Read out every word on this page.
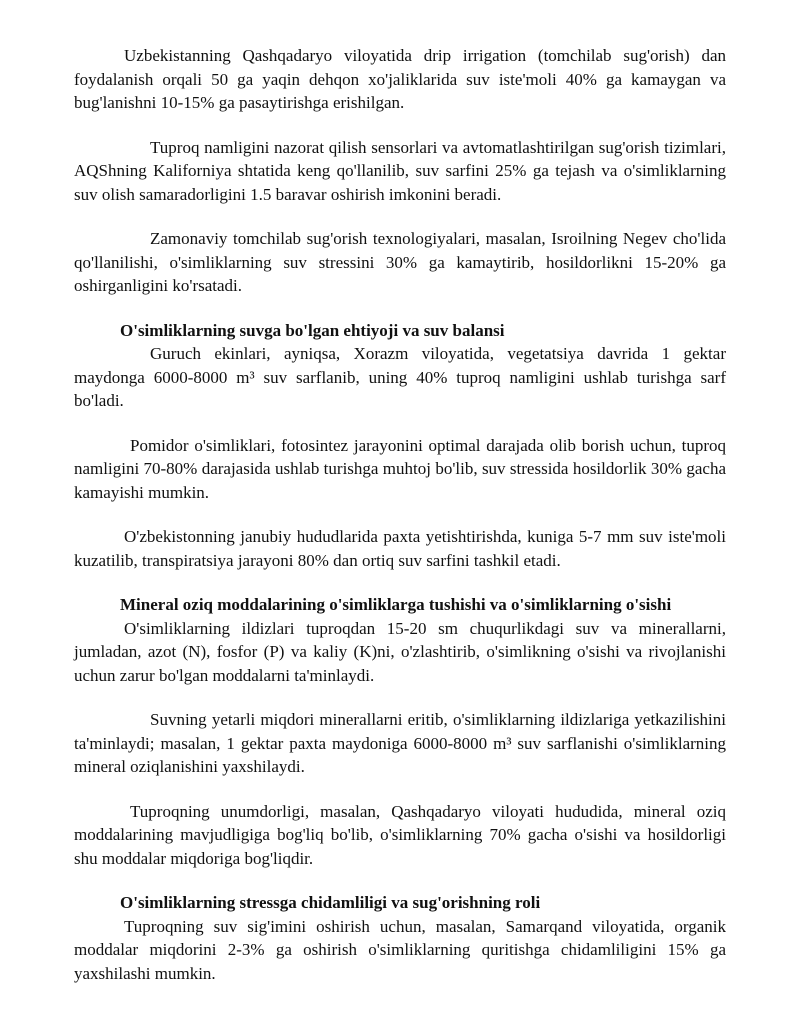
Uzbekistanning Qashqadaryo viloyatida drip irrigation (tomchilab sug'orish) dan foydalanish orqali 50 ga yaqin dehqon xo'jaliklarida suv iste'moli 40% ga kamaygan va bug'lanishni 10-15% ga pasaytirishga erishilgan.

Tuproq namligini nazorat qilish sensorlari va avtomatlashtirilgan sug'orish tizimlari, AQShning Kaliforniya shtatida keng qo'llanilib, suv sarfini 25% ga tejash va o'simliklarning suv olish samaradorligini 1.5 baravar oshirish imkonini beradi.

Zamonaviy tomchilab sug'orish texnologiyalari, masalan, Isroilning Negev cho'lida qo'llanilishi, o'simliklarning suv stressini 30% ga kamaytirib, hosildorlikni 15-20% ga oshirganligini ko'rsatadi.

O'simliklarning suvga bo'lgan ehtiyoji va suv balansi

Guruch ekinlari, ayniqsa, Xorazm viloyatida, vegetatsiya davrida 1 gektar maydonga 6000-8000 m³ suv sarflanib, uning 40% tuproq namligini ushlab turishga sarf bo'ladi.

Pomidor o'simliklari, fotosintez jarayonini optimal darajada olib borish uchun, tuproq namligini 70-80% darajasida ushlab turishga muhtoj bo'lib, suv stressida hosildorlik 30% gacha kamayishi mumkin.

O'zbekistonning janubiy hududlarida paxta yetishtirishda, kuniga 5-7 mm suv iste'moli kuzatilib, transpiratsiya jarayoni 80% dan ortiq suv sarfini tashkil etadi.

Mineral oziq moddalarining o'simliklarga tushishi va o'simliklarning o'sishi

O'simliklarning ildizlari tuproqdan 15-20 sm chuqurlikdagi suv va minerallarni, jumladan, azot (N), fosfor (P) va kaliy (K)ni, o'zlashtirib, o'simlikning o'sishi va rivojlanishi uchun zarur bo'lgan moddalarni ta'minlaydi.

Suvning yetarli miqdori minerallarni eritib, o'simliklarning ildizlariga yetkazilishini ta'minlaydi; masalan, 1 gektar paxta maydoniga 6000-8000 m³ suv sarflanishi o'simliklarning mineral oziqlanishini yaxshilaydi.

Tuproqning unumdorligi, masalan, Qashqadaryo viloyati hududida, mineral oziq moddalarining mavjudligiga bog'liq bo'lib, o'simliklarning 70% gacha o'sishi va hosildorligi shu moddalar miqdoriga bog'liqdir.

O'simliklarning stressga chidamliligi va sug'orishning roli

Tuproqning suv sig'imini oshirish uchun, masalan, Samarqand viloyatida, organik moddalar miqdorini 2-3% ga oshirish o'simliklarning quritishga chidamliligini 15% ga yaxshilashi mumkin.
